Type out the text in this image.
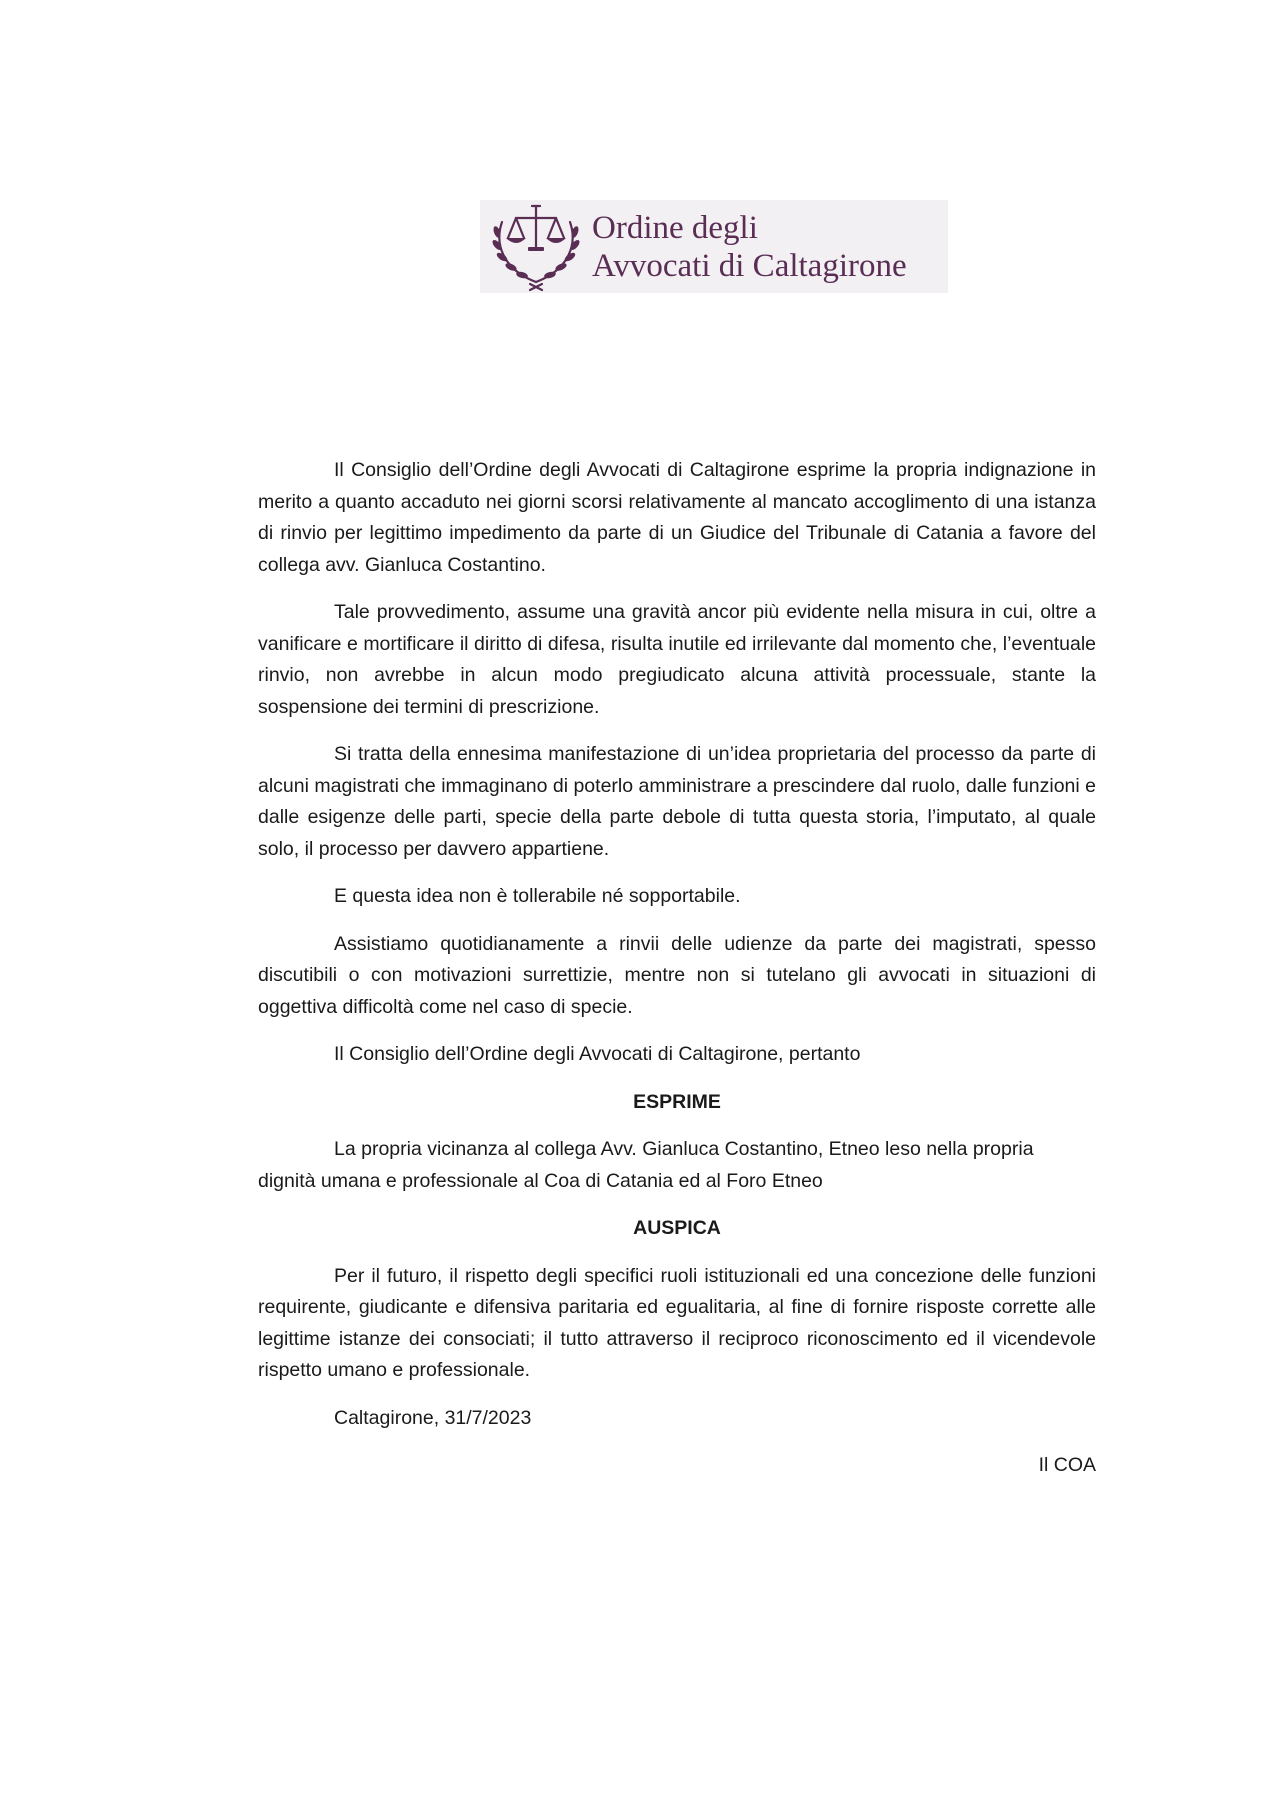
Ordine degli
Avvocati di Caltagirone

Il Consiglio dell’Ordine degli Avvocati di Caltagirone esprime la propria indignazione in merito a quanto accaduto nei giorni scorsi relativamente al mancato accoglimento di una istanza di rinvio per legittimo impedimento da parte di un Giudice del Tribunale di Catania a favore del collega avv. Gianluca Costantino.

Tale provvedimento, assume una gravità ancor più evidente nella misura in cui, oltre a vanificare e mortificare il diritto di difesa, risulta inutile ed irrilevante dal momento che, l’eventuale rinvio, non avrebbe in alcun modo pregiudicato alcuna attività processuale, stante la sospensione dei termini di prescrizione.

Si tratta della ennesima manifestazione di un’idea proprietaria del processo da parte di alcuni magistrati che immaginano di poterlo amministrare a prescindere dal ruolo, dalle funzioni e dalle esigenze delle parti, specie della parte debole di tutta questa storia, l’imputato, al quale solo, il processo per davvero appartiene.

E questa idea non è tollerabile né sopportabile.

Assistiamo quotidianamente a rinvii delle udienze da parte dei magistrati, spesso discutibili o con motivazioni surrettizie, mentre non si tutelano gli avvocati in situazioni di oggettiva difficoltà come nel caso di specie.

Il Consiglio dell’Ordine degli Avvocati di Caltagirone, pertanto

ESPRIME

La propria vicinanza al collega Avv. Gianluca Costantino, Etneo leso nella propria dignità umana e professionale al Coa di Catania ed al Foro Etneo

AUSPICA

Per il futuro, il rispetto degli specifici ruoli istituzionali ed una concezione delle funzioni requirente, giudicante e difensiva paritaria ed egualitaria, al fine di fornire risposte corrette alle legittime istanze dei consociati; il tutto attraverso il reciproco riconoscimento ed il vicendevole rispetto umano e professionale.

Caltagirone, 31/7/2023

Il COA
